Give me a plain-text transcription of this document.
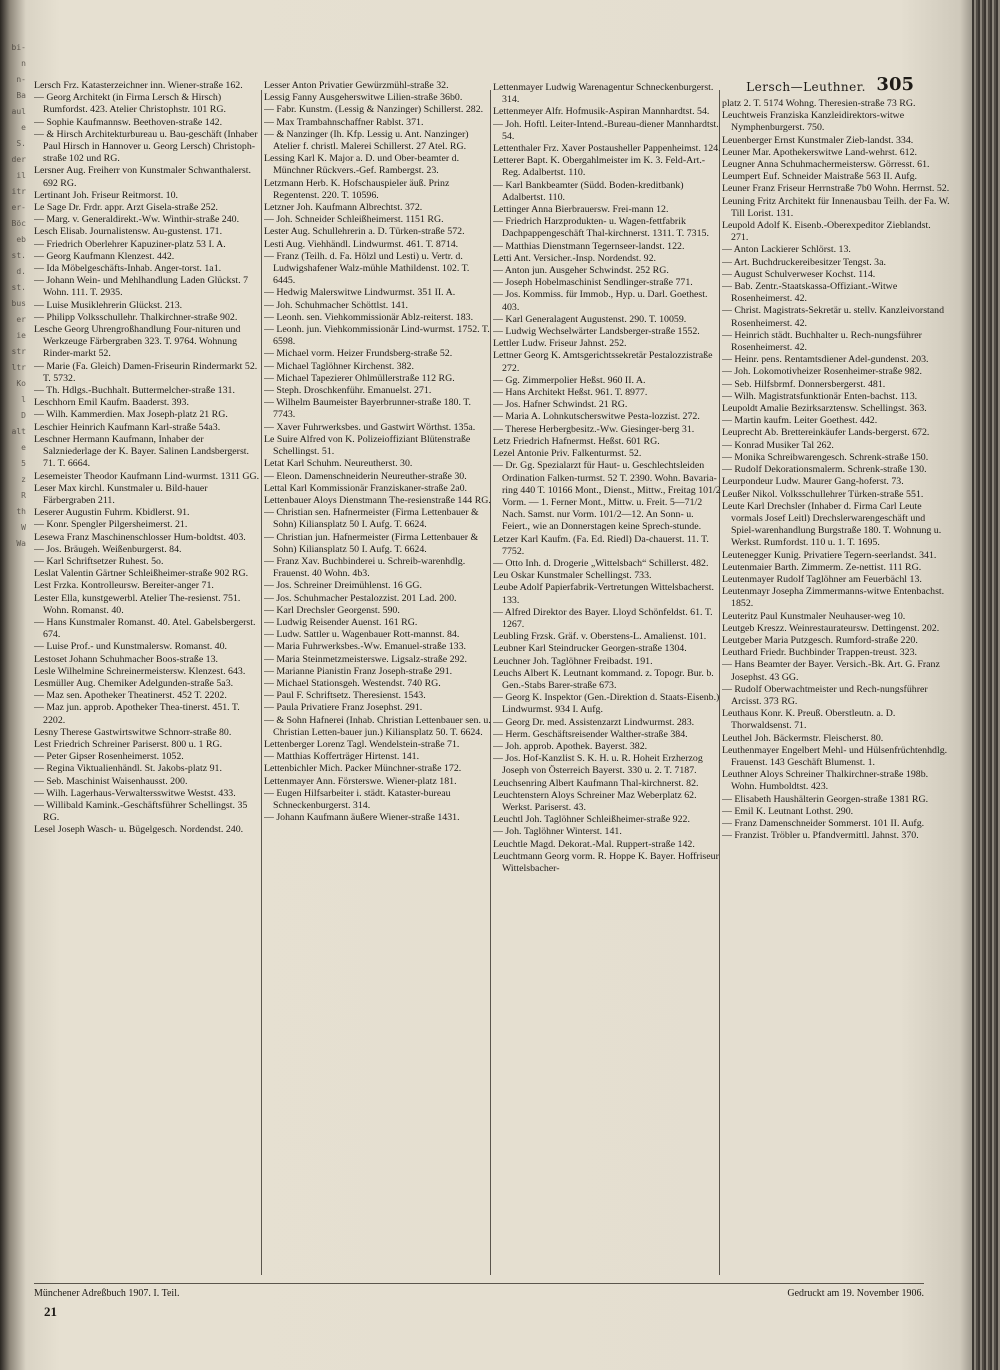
bi-
n
n-
Ba
aul
e
S.
der
il
itr
er-
Böc
eb
st.
d.
st.
bus
er
ie
str
ltr
Ko
l
D
alt
e
5
z
R
th
W
Wa
Lersch—Leuthner. 305

Lersch Frz. Katasterzeichner inn. Wiener-straße 162.

— Georg Architekt (in Firma Lersch & Hirsch) Rumfordst. 423. Atelier Christophstr. 101 RG.

— Sophie Kaufmannsw. Beethoven-straße 142.

— & Hirsch Architekturbureau u. Bau-geschäft (Inhaber Paul Hirsch in Hannover u. Georg Lersch) Christoph-straße 102 und RG.

Lersner Aug. Freiherr von Kunstmaler Schwanthalerst. 692 RG.

Lertinant Joh. Friseur Reitmorst. 10.

Le Sage Dr. Frdr. appr. Arzt Gisela-straße 252.

— Marg. v. Generaldirekt.-Ww. Winthir-straße 240.

Lesch Elisab. Journalistensw. Au-gustenst. 171.

— Friedrich Oberlehrer Kapuziner-platz 53 I. A.

— Georg Kaufmann Klenzest. 442.

— Ida Möbelgeschäfts-Inhab. Anger-torst. 1a1.

— Johann Wein- und Mehlhandlung Laden Glückst. 7 Wohn. 111. T. 2935.

— Luise Musiklehrerin Glückst. 213.

— Philipp Volksschullehr. Thalkirchner-straße 902.

Lesche Georg Uhrengroßhandlung Four-nituren und Werkzeuge Färbergraben 323. T. 9764. Wohnung Rinder-markt 52.

— Marie (Fa. Gleich) Damen-Friseurin Rindermarkt 52. T. 5732.

— Th. Hdlgs.-Buchhalt. Buttermelcher-straße 131.

Leschhorn Emil Kaufm. Baaderst. 393.

— Wilh. Kammerdien. Max Joseph-platz 21 RG.

Leschier Heinrich Kaufmann Karl-straße 54a3.

Leschner Hermann Kaufmann, Inhaber der Salzniederlage der K. Bayer. Salinen Landsbergerst. 71. T. 6664.

Lesemeister Theodor Kaufmann Lind-wurmst. 1311 GG.

Leser Max kirchl. Kunstmaler u. Bild-hauer Färbergraben 211.

Leserer Augustin Fuhrm. Kbidlerst. 91.

— Konr. Spengler Pilgersheimerst. 21.

Lesewa Franz Maschinenschlosser Hum-boldtst. 403.

— Jos. Bräugeh. Weißenburgerst. 84.

— Karl Schriftsetzer Ruhest. 5o.

Leslat Valentin Gärtner Schleißheimer-straße 902 RG.

Lest Frzka. Kontrolleursw. Bereiter-anger 71.

Lester Ella, kunstgewerbl. Atelier The-resienst. 751. Wohn. Romanst. 40.

— Hans Kunstmaler Romanst. 40. Atel. Gabelsbergerst. 674.

— Luise Prof.- und Kunstmalersw. Romanst. 40.

Lestoset Johann Schuhmacher Boos-straße 13.

Lesle Wilhelmine Schreinermeistersw. Klenzest. 643.

Lesmüller Aug. Chemiker Adelgunden-straße 5a3.

— Maz sen. Apotheker Theatinerst. 452 T. 2202.

— Maz jun. approb. Apotheker Thea-tinerst. 451. T. 2202.

Lesny Therese Gastwirtswitwe Schnorr-straße 80.

Lest Friedrich Schreiner Pariserst. 800 u. 1 RG.

— Peter Gipser Rosenheimerst. 1052.

— Regina Viktualienhändl. St. Jakobs-platz 91.

— Seb. Maschinist Waisenhausst. 200.

— Wilh. Lagerhaus-Verwaltersswitwe Westst. 433.

— Willibald Kamink.-Geschäftsführer Schellingst. 35 RG.

Lesel Joseph Wasch- u. Bügelgesch. Nordendst. 240.

Lesser Anton Privatier Gewürzmühl-straße 32.

Lessig Fanny Ausgeherswitwe Lilien-straße 36b0.

— Fabr. Kunstm. (Lessig & Nanzinger) Schillerst. 282.

— Max Trambahnschaffner Rablst. 371.

— & Nanzinger (Ih. Kfp. Lessig u. Ant. Nanzinger) Atelier f. christl. Malerei Schillerst. 27 Atel. RG.

Lessing Karl K. Major a. D. und Ober-beamter d. Münchner Rückvers.-Gef. Rambergst. 23.

Letzmann Herb. K. Hofschauspieler äuß. Prinz Regentenst. 220. T. 10596.

Letzner Joh. Kaufmann Albrechtst. 372.

— Joh. Schneider Schleißheimerst. 1151 RG.

Lester Aug. Schullehrerin a. D. Türken-straße 572.

Lesti Aug. Viehhändl. Lindwurmst. 461. T. 8714.

— Franz (Teilh. d. Fa. Hölzl und Lesti) u. Vertr. d. Ludwigshafener Walz-mühle Mathildenst. 102. T. 6445.

— Hedwig Malerswitwe Lindwurmst. 351 II. A.

— Joh. Schuhmacher Schöttlst. 141.

— Leonh. sen. Viehkommissionär Ablz-reiterst. 183.

— Leonh. jun. Viehkommissionär Lind-wurmst. 1752. T. 6598.

— Michael vorm. Heizer Frundsberg-straße 52.

— Michael Taglöhner Kirchenst. 382.

— Michael Tapezierer Ohlmüllerstraße 112 RG.

— Steph. Droschkenführ. Emanuelst. 271.

— Wilhelm Baumeister Bayerbrunner-straße 180. T. 7743.

— Xaver Fuhrwerksbes. und Gastwirt Wörthst. 135a.

Le Suire Alfred von K. Polizeioffiziant Blütenstraße Schellingst. 51.

Letat Karl Schuhm. Neureutherst. 30.

— Eleon. Damenschneiderin Neureuther-straße 30.

Lettal Karl Kommissionär Franziskaner-straße 2a0.

Lettenbauer Aloys Dienstmann The-resienstraße 144 RG.

— Christian sen. Hafnermeister (Firma Lettenbauer & Sohn) Kiliansplatz 50 I. Aufg. T. 6624.

— Christian jun. Hafnermeister (Firma Lettenbauer & Sohn) Kiliansplatz 50 I. Aufg. T. 6624.

— Franz Xav. Buchbinderei u. Schreib-warenhdlg. Frauenst. 40 Wohn. 4b3.

— Jos. Schreiner Dreimühlenst. 16 GG.

— Jos. Schuhmacher Pestalozzist. 201 Lad. 200.

— Karl Drechsler Georgenst. 590.

— Ludwig Reisender Auenst. 161 RG.

— Ludw. Sattler u. Wagenbauer Rott-mannst. 84.

— Maria Fuhrwerksbes.-Ww. Emanuel-straße 133.

— Maria Steinmetzmeisterswe. Ligsalz-straße 292.

— Marianne Pianistin Franz Joseph-straße 291.

— Michael Stationsgeh. Westendst. 740 RG.

— Paul F. Schriftsetz. Theresienst. 1543.

— Paula Privatiere Franz Josephst. 291.

— & Sohn Hafnerei (Inhab. Christian Lettenbauer sen. u. Christian Letten-bauer jun.) Kiliansplatz 50. T. 6624.

Lettenberger Lorenz Tagl. Wendelstein-straße 71.

— Matthias Kofferträger Hirtenst. 141.

Lettenbichler Mich. Packer Münchner-straße 172.

Lettenmayer Ann. Försterswe. Wiener-platz 181.

— Eugen Hilfsarbeiter i. städt. Kataster-bureau Schneckenburgerst. 314.

— Johann Kaufmann äußere Wiener-straße 1431.

Lettenmayer Ludwig Warenagentur Schneckenburgerst. 314.

Lettenmeyer Alfr. Hofmusik-Aspiran Mannhardtst. 54.

— Joh. Hoftl. Leiter-Intend.-Bureau-diener Mannhardtst. 54.

Lettenthaler Frz. Xaver Postausheller Pappenheimst. 124.

Letterer Bapt. K. Obergahlmeister im K. 3. Feld-Art.-Reg. Adalbertst. 110.

— Karl Bankbeamter (Südd. Boden-kreditbank) Adalbertst. 110.

Lettinger Anna Bierbrauersw. Frei-mann 12.

— Friedrich Harzprodukten- u. Wagen-fettfabrik Dachpappengeschäft Thal-kirchnerst. 1311. T. 7315.

— Matthias Dienstmann Tegernseer-landst. 122.

Letti Ant. Versicher.-Insp. Nordendst. 92.

— Anton jun. Ausgeher Schwindst. 252 RG.

— Joseph Hobelmaschinist Sendlinger-straße 771.

— Jos. Kommiss. für Immob., Hyp. u. Darl. Goethest. 403.

— Karl Generalagent Augustenst. 290. T. 10059.

— Ludwig Wechselwärter Landsberger-straße 1552.

Lettler Ludw. Friseur Jahnst. 252.

Lettner Georg K. Amtsgerichtssekretär Pestalozzistraße 272.

— Gg. Zimmerpolier Heßst. 960 II. A.

— Hans Architekt Heßst. 961. T. 8977.

— Jos. Hafner Schwindst. 21 RG.

— Maria A. Lohnkutscherswitwe Pesta-lozzist. 272.

— Therese Herbergbesitz.-Ww. Giesinger-berg 31.

Letz Friedrich Hafnermst. Heßst. 601 RG.

Lezel Antonie Priv. Falkenturmst. 52.

— Dr. Gg. Spezialarzt für Haut- u. Geschlechtsleiden Ordination Falken-turmst. 52 T. 2390. Wohn. Bavaria-ring 440 T. 10166 Mont., Dienst., Mittw., Freitag 101/2 Vorm. — 1. Ferner Mont., Mittw. u. Freit. 5—71/2 Nach. Samst. nur Vorm. 101/2—12. An Sonn- u. Feiert., wie an Donnerstagen keine Sprech-stunde.

Letzer Karl Kaufm. (Fa. Ed. Riedl) Da-chauerst. 11. T. 7752.

— Otto Inh. d. Drogerie „Wittelsbach“ Schillerst. 482.

Leu Oskar Kunstmaler Schellingst. 733.

Leube Adolf Papierfabrik-Vertretungen Wittelsbacherst. 133.

— Alfred Direktor des Bayer. Lloyd Schönfeldst. 61. T. 1267.

Leubling Frzsk. Gräf. v. Oberstens-L. Amalienst. 101.

Leubner Karl Steindrucker Georgen-straße 1304.

Leuchner Joh. Taglöhner Freibadst. 191.

Leuchs Albert K. Leutnant kommand. z. Topogr. Bur. b. Gen.-Stabs Barer-straße 673.

— Georg K. Inspektor (Gen.-Direktion d. Staats-Eisenb.) Lindwurmst. 934 I. Aufg.

— Georg Dr. med. Assistenzarzt Lindwurmst. 283.

— Herm. Geschäftsreisender Walther-straße 384.

— Joh. approb. Apothek. Bayerst. 382.

— Jos. Hof-Kanzlist S. K. H. u. R. Hoheit Erzherzog Joseph von Österreich Bayerst. 330 u. 2. T. 7187.

Leuchsenring Albert Kaufmann Thal-kirchnerst. 82.

Leuchtenstern Aloys Schreiner Maz Weberplatz 62. Werkst. Pariserst. 43.

Leuchtl Joh. Taglöhner Schleißheimer-straße 922.

— Joh. Taglöhner Winterst. 141.

Leuchtle Magd. Dekorat.-Mal. Ruppert-straße 142.

Leuchtmann Georg vorm. R. Hoppe K. Bayer. Hoffriseur Wittelsbacher-

platz 2. T. 5174 Wohng. Theresien-straße 73 RG.

Leuchtweis Franziska Kanzleidirektors-witwe Nymphenburgerst. 750.

Leuenberger Ernst Kunstmaler Zieb-landst. 334.

Leuner Mar. Apothekerswitwe Land-wehrst. 612.

Leugner Anna Schuhmachermeistersw. Görresst. 61.

Leumpert Euf. Schneider Maistraße 563 II. Aufg.

Leuner Franz Friseur Herrnstraße 7b0 Wohn. Herrnst. 52.

Leuning Fritz Architekt für Innenausbau Teilh. der Fa. W. Till Lorist. 131.

Leupold Adolf K. Eisenb.-Oberexpeditor Zieblandst. 271.

— Anton Lackierer Schlörst. 13.

— Art. Buchdruckereibesitzer Tengst. 3a.

— August Schulverweser Kochst. 114.

— Bab. Zentr.-Staatskassa-Offiziant.-Witwe Rosenheimerst. 42.

— Christ. Magistrats-Sekretär u. stellv. Kanzleivorstand Rosenheimerst. 42.

— Heinrich städt. Buchhalter u. Rech-nungsführer Rosenheimerst. 42.

— Heinr. pens. Rentamtsdiener Adel-gundenst. 203.

— Joh. Lokomotivheizer Rosenheimer-straße 982.

— Seb. Hilfsbrmf. Donnersbergerst. 481.

— Wilh. Magistratsfunktionär Enten-bachst. 113.

Leupoldt Amalie Bezirksarztensw. Schellingst. 363.

— Martin kaufm. Leiter Goethest. 442.

Leuprecht Ab. Brettereinkäufer Lands-bergerst. 672.

— Konrad Musiker Tal 262.

— Monika Schreibwarengesch. Schrenk-straße 150.

— Rudolf Dekorationsmalerm. Schrenk-straße 130.

Leurpondeur Ludw. Maurer Gang-hoferst. 73.

Leußer Nikol. Volksschullehrer Türken-straße 551.

Leute Karl Drechsler (Inhaber d. Firma Carl Leute vormals Josef Leitl) Drechslerwarengeschäft und Spiel-warenhandlung Burgstraße 180. T. Wohnung u. Werkst. Rumfordst. 110 u. 1. T. 1695.

Leutenegger Kunig. Privatiere Tegern-seerlandst. 341.

Leutenmaier Barth. Zimmerm. Ze-nettist. 111 RG.

Leutenmayer Rudolf Taglöhner am Feuerbächl 13.

Leutenmayr Josepha Zimmermanns-witwe Entenbachst. 1852.

Leuteritz Paul Kunstmaler Neuhauser-weg 10.

Leutgeb Kreszz. Weinrestaurateursw. Dettingenst. 202.

Leutgeber Maria Putzgesch. Rumford-straße 220.

Leuthard Friedr. Buchbinder Trappen-treust. 323.

— Hans Beamter der Bayer. Versich.-Bk. Art. G. Franz Josephst. 43 GG.

— Rudolf Oberwachtmeister und Rech-nungsführer Arcisst. 373 RG.

Leuthaus Konr. K. Preuß. Oberstleutn. a. D. Thorwaldsenst. 71.

Leuthel Joh. Bäckermstr. Fleischerst. 80.

Leuthenmayer Engelbert Mehl- und Hülsenfrüchtenhdlg. Frauenst. 143 Geschäft Blumenst. 1.

Leuthner Aloys Schreiner Thalkirchner-straße 198b. Wohn. Humboldtst. 423.

— Elisabeth Haushälterin Georgen-straße 1381 RG.

— Emil K. Leutnant Lothst. 290.

— Franz Damenschneider Sommerst. 101 II. Aufg.

— Franzist. Tröbler u. Pfandvermittl. Jahnst. 370.

Münchener Adreßbuch 1907. I. Teil.
21
Gedruckt am 19. November 1906.
